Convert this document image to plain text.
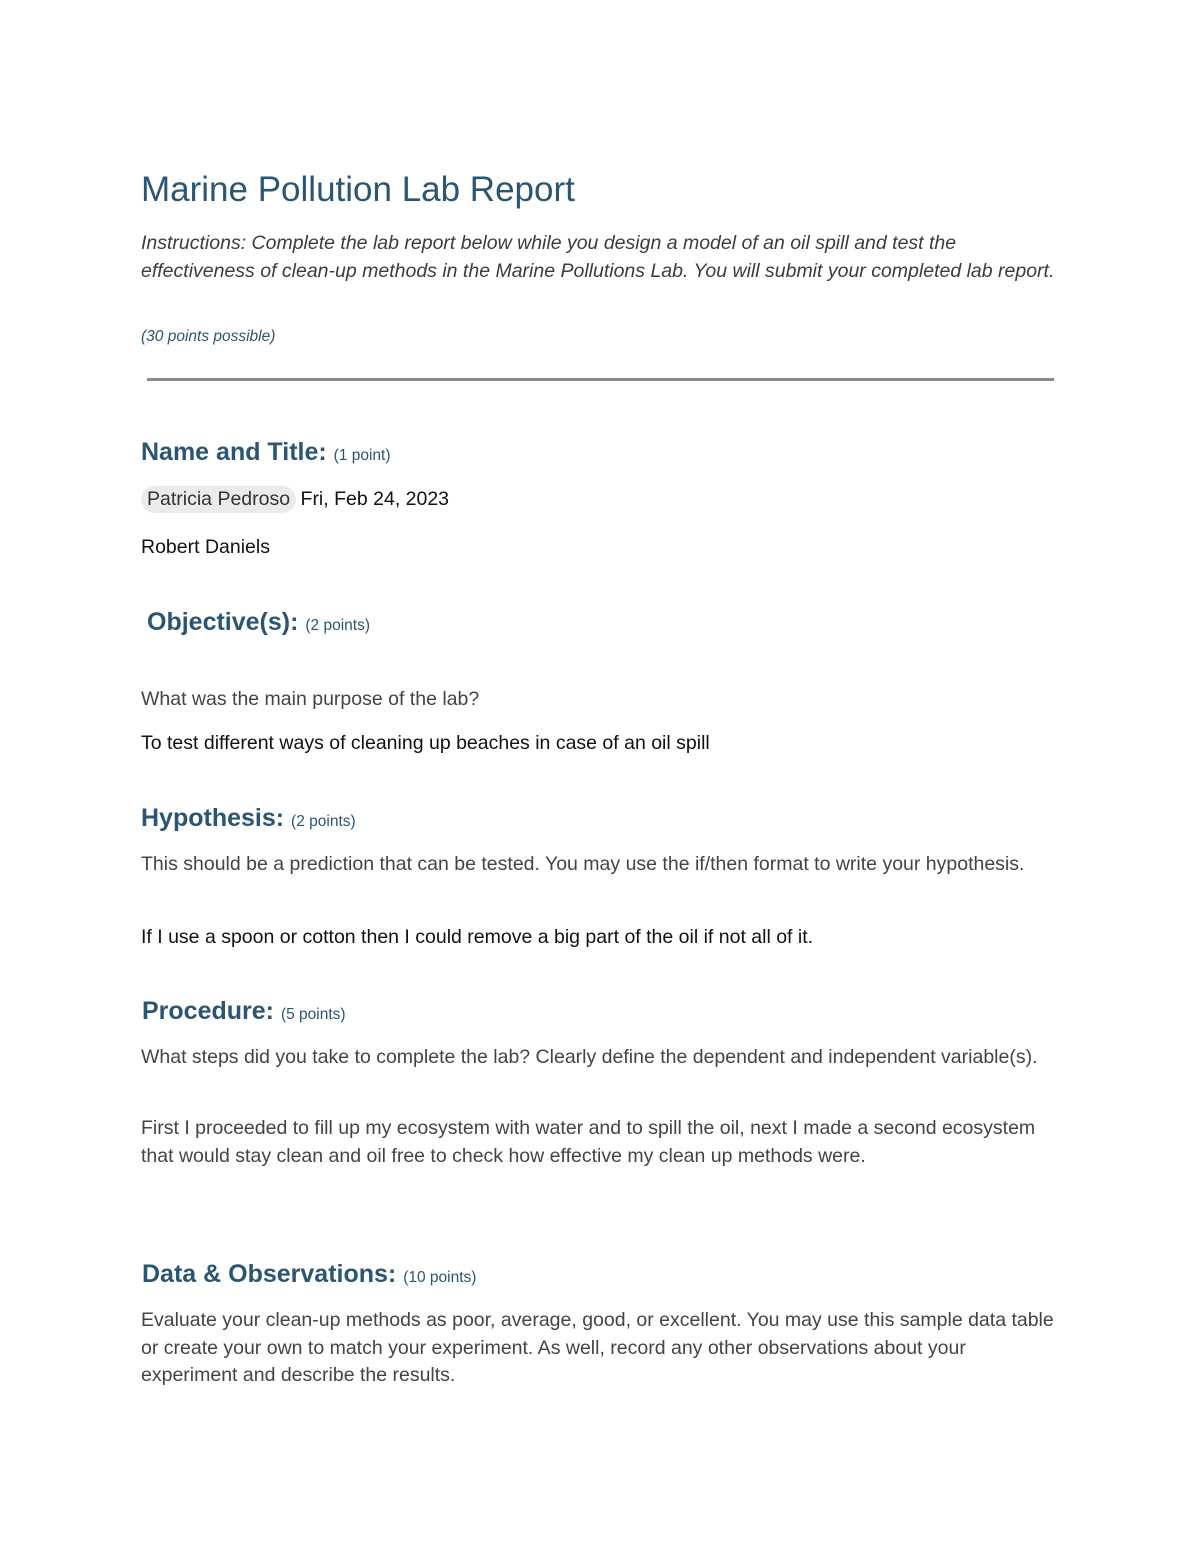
Marine Pollution Lab Report
Instructions: Complete the lab report below while you design a model of an oil spill and test the effectiveness of clean-up methods in the Marine Pollutions Lab. You will submit your completed lab report.
(30 points possible)
Name and Title: (1 point)
Patricia Pedroso Fri, Feb 24, 2023
Robert Daniels
Objective(s): (2 points)
What was the main purpose of the lab?
To test different ways of cleaning up beaches in case of an oil spill
Hypothesis: (2 points)
This should be a prediction that can be tested. You may use the if/then format to write your hypothesis.
If I use a spoon or cotton then I could remove a big part of the oil if not all of it.
Procedure: (5 points)
What steps did you take to complete the lab? Clearly define the dependent and independent variable(s).
First I proceeded to fill up my ecosystem with water and to spill the oil, next I made a second ecosystem that would stay clean and oil free to check how effective my clean up methods were.
Data & Observations: (10 points)
Evaluate your clean-up methods as poor, average, good, or excellent. You may use this sample data table or create your own to match your experiment. As well, record any other observations about your experiment and describe the results.
